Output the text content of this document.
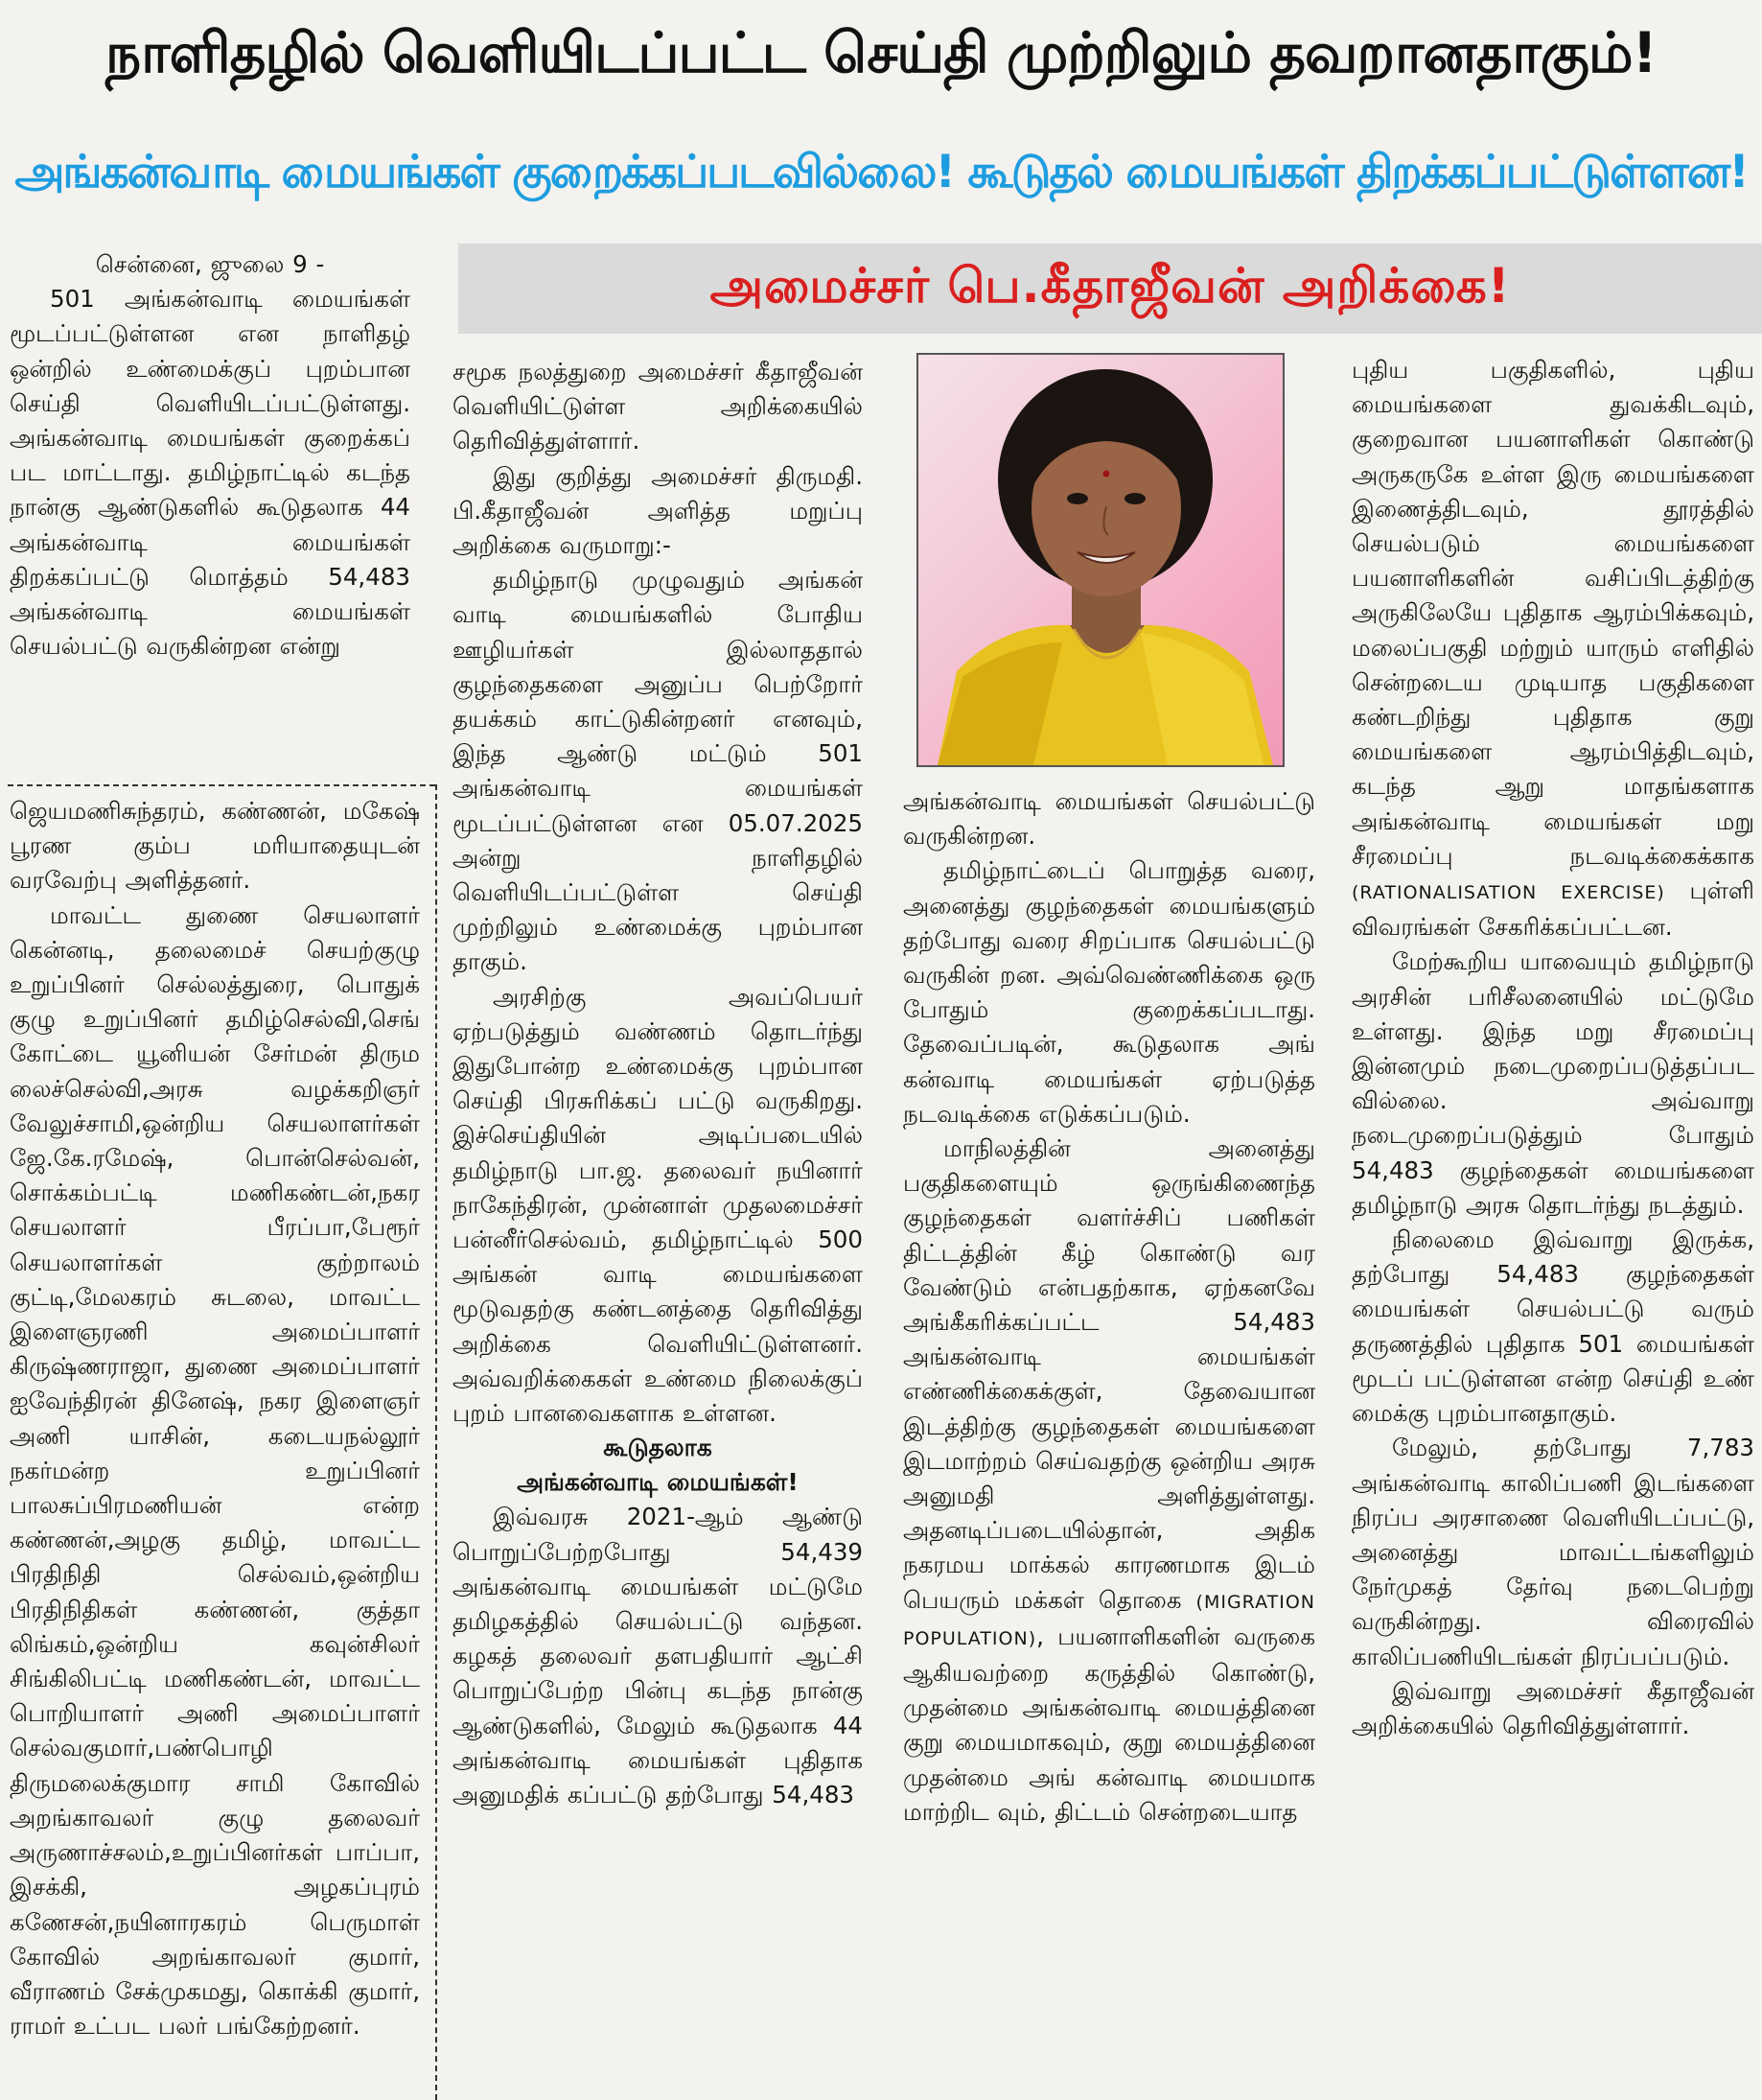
நாளிதழில் வெளியிடப்பட்ட செய்தி முற்றிலும் தவறானதாகும்!
அங்கன்வாடி மையங்கள் குறைக்கப்படவில்லை! கூடுதல் மையங்கள் திறக்கப்பட்டுள்ளன!
அமைச்சர் பெ.கீதாஜீவன் அறிக்கை!

சென்னை, ஜுலை 9 -

501 அங்கன்வாடி மையங்கள் மூடப்பட்டுள்ளன என நாளிதழ் ஒன்றில் உண்மைக்குப் புறம்பான செய்தி வெளியிடப்பட்டுள்ளது. அங்கன்வாடி மையங்கள் குறைக்கப் பட மாட்டாது. தமிழ்நாட்டில் கடந்த நான்கு ஆண்டுகளில் கூடுதலாக 44 அங்கன்வாடி மையங்கள் திறக்கப்பட்டு மொத்தம் 54,483 அங்கன்வாடி மையங்கள் செயல்பட்டு வருகின்றன என்று

ஜெயமணிசுந்தரம், கண்ணன், மகேஷ் பூரண கும்ப மரியாதையுடன் வரவேற்பு அளித்தனர்.

மாவட்ட துணை செயலாளர் கென்னடி, தலைமைச் செயற்குழு உறுப்பினர் செல்லத்துரை, பொதுக் குழு உறுப்பினர் தமிழ்செல்வி,செங் கோட்டை யூனியன் சேர்மன் திரும லைச்செல்வி,அரசு வழக்கறிஞர் வேலுச்சாமி,ஒன்றிய செயலாளர்கள் ஜே.கே.ரமேஷ், பொன்செல்வன், சொக்கம்பட்டி மணிகண்டன்,நகர செயலாளர் பீரப்பா,பேரூர் செயலாளர்கள் குற்றாலம் குட்டி,மேலகரம் சுடலை, மாவட்ட இளைஞரணி அமைப்பாளர் கிருஷ்ணராஜா, துணை அமைப்பாளர் ஐவேந்திரன் தினேஷ், நகர இளைஞர் அணி யாசின், கடையநல்லூர் நகர்மன்ற உறுப்பினர் பாலசுப்பிரமணியன் என்ற கண்ணன்,அழகு தமிழ், மாவட்ட பிரதிநிதி செல்வம்,ஒன்றிய பிரதிநிதிகள் கண்ணன், குத்தா லிங்கம்,ஒன்றிய கவுன்சிலர் சிங்கிலிபட்டி மணிகண்டன், மாவட்ட பொறியாளர் அணி அமைப்பாளர் செல்வகுமார்,பண்பொழி திருமலைக்குமார சாமி கோவில் அறங்காவலர் குழு தலைவர் அருணாச்சலம்,உறுப்பினர்கள் பாப்பா, இசக்கி, அழகப்புரம் கணேசன்,நயினாரகரம் பெருமாள் கோவில் அறங்காவலர் குமார், வீராணம் சேக்முகமது, கொக்கி குமார், ராமர் உட்பட பலர் பங்கேற்றனர்.

சமூக நலத்துறை அமைச்சர் கீதாஜீவன் வெளியிட்டுள்ள அறிக்கையில் தெரிவித்துள்ளார்.

இது குறித்து அமைச்சர் திருமதி. பி.கீதாஜீவன் அளித்த மறுப்பு அறிக்கை வருமாறு:-

தமிழ்நாடு முழுவதும் அங்கன் வாடி மையங்களில் போதிய ஊழியர்கள் இல்லாததால் குழந்தைகளை அனுப்ப பெற்றோர் தயக்கம் காட்டுகின்றனர் எனவும், இந்த ஆண்டு மட்டும் 501 அங்கன்வாடி மையங்கள் மூடப்பட்டுள்ளன என 05.07.2025 அன்று நாளிதழில் வெளியிடப்பட்டுள்ள செய்தி முற்றிலும் உண்மைக்கு புறம்பான தாகும்.

அரசிற்கு அவப்பெயர் ஏற்படுத்தும் வண்ணம் தொடர்ந்து இதுபோன்ற உண்மைக்கு புறம்பான செய்தி பிரசுரிக்கப் பட்டு வருகிறது. இச்செய்தியின் அடிப்படையில் தமிழ்நாடு பா.ஜ. தலைவர் நயினார் நாகேந்திரன், முன்னாள் முதலமைச்சர் பன்னீர்செல்வம், தமிழ்நாட்டில் 500 அங்கன் வாடி மையங்களை மூடுவதற்கு கண்டனத்தை தெரிவித்து அறிக்கை வெளியிட்டுள்ளனர். அவ்வறிக்கைகள் உண்மை நிலைக்குப் புறம் பானவைகளாக உள்ளன.

கூடுதலாக
அங்கன்வாடி மையங்கள்!

இவ்வரசு 2021-ஆம் ஆண்டு பொறுப்பேற்றபோது 54,439 அங்கன்வாடி மையங்கள் மட்டுமே தமிழகத்தில் செயல்பட்டு வந்தன. கழகத் தலைவர் தளபதியார் ஆட்சி பொறுப்பேற்ற பின்பு கடந்த நான்கு ஆண்டுகளில், மேலும் கூடுதலாக 44 அங்கன்வாடி மையங்கள் புதிதாக அனுமதிக் கப்பட்டு தற்போது 54,483

அங்கன்வாடி மையங்கள் செயல்பட்டு வருகின்றன.

தமிழ்நாட்டைப் பொறுத்த வரை, அனைத்து குழந்தைகள் மையங்களும் தற்போது வரை சிறப்பாக செயல்பட்டு வருகின் றன. அவ்வெண்ணிக்கை ஒரு போதும் குறைக்கப்படாது. தேவைப்படின், கூடுதலாக அங் கன்வாடி மையங்கள் ஏற்படுத்த நடவடிக்கை எடுக்கப்படும்.

மாநிலத்தின் அனைத்து பகுதிகளையும் ஒருங்கிணைந்த குழந்தைகள் வளர்ச்சிப் பணிகள் திட்டத்தின் கீழ் கொண்டு வர வேண்டும் என்பதற்காக, ஏற்கனவே அங்கீகரிக்கப்பட்ட 54,483 அங்கன்வாடி மையங்கள் எண்ணிக்கைக்குள், தேவையான இடத்திற்கு குழந்தைகள் மையங்களை இடமாற்றம் செய்வதற்கு ஒன்றிய அரசு அனுமதி அளித்துள்ளது. அதனடிப்படையில்தான், அதிக நகரமய மாக்கல் காரணமாக இடம் பெயரும் மக்கள் தொகை (MIGRATION POPULATION), பயனாளிகளின் வருகை ஆகியவற்றை கருத்தில் கொண்டு, முதன்மை அங்கன்வாடி மையத்தினை குறு மையமாகவும், குறு மையத்தினை முதன்மை அங் கன்வாடி மையமாக மாற்றிட வும், திட்டம் சென்றடையாத

புதிய பகுதிகளில், புதிய மையங்களை துவக்கிடவும், குறைவான பயனாளிகள் கொண்டு அருகருகே உள்ள இரு மையங்களை இணைத்திடவும், தூரத்தில் செயல்படும் மையங்களை பயனாளிகளின் வசிப்பிடத்திற்கு அருகிலேயே புதிதாக ஆரம்பிக்கவும், மலைப்பகுதி மற்றும் யாரும் எளிதில் சென்றடைய முடியாத பகுதிகளை கண்டறிந்து புதிதாக குறு மையங்களை ஆரம்பித்திடவும், கடந்த ஆறு மாதங்களாக அங்கன்வாடி மையங்கள் மறு சீரமைப்பு நடவடிக்கைக்காக (RATIONALISATION EXERCISE) புள்ளி விவரங்கள் சேகரிக்கப்பட்டன.

மேற்கூறிய யாவையும் தமிழ்நாடு அரசின் பரிசீலனையில் மட்டுமே உள்ளது. இந்த மறு சீரமைப்பு இன்னமும் நடைமுறைப்படுத்தப்பட வில்லை. அவ்வாறு நடைமுறைப்படுத்தும் போதும் 54,483 குழந்தைகள் மையங்களை தமிழ்நாடு அரசு தொடர்ந்து நடத்தும்.

நிலைமை இவ்வாறு இருக்க, தற்போது 54,483 குழந்தைகள் மையங்கள் செயல்பட்டு வரும் தருணத்தில் புதிதாக 501 மையங்கள் மூடப் பட்டுள்ளன என்ற செய்தி உண் மைக்கு புறம்பானதாகும்.

மேலும், தற்போது 7,783 அங்கன்வாடி காலிப்பணி இடங்களை நிரப்ப அரசாணை வெளியிடப்பட்டு, அனைத்து மாவட்டங்களிலும் நேர்முகத் தேர்வு நடைபெற்று வருகின்றது. விரைவில் காலிப்பணியிடங்கள் நிரப்பப்படும்.

இவ்வாறு அமைச்சர் கீதாஜீவன் அறிக்கையில் தெரிவித்துள்ளார்.
